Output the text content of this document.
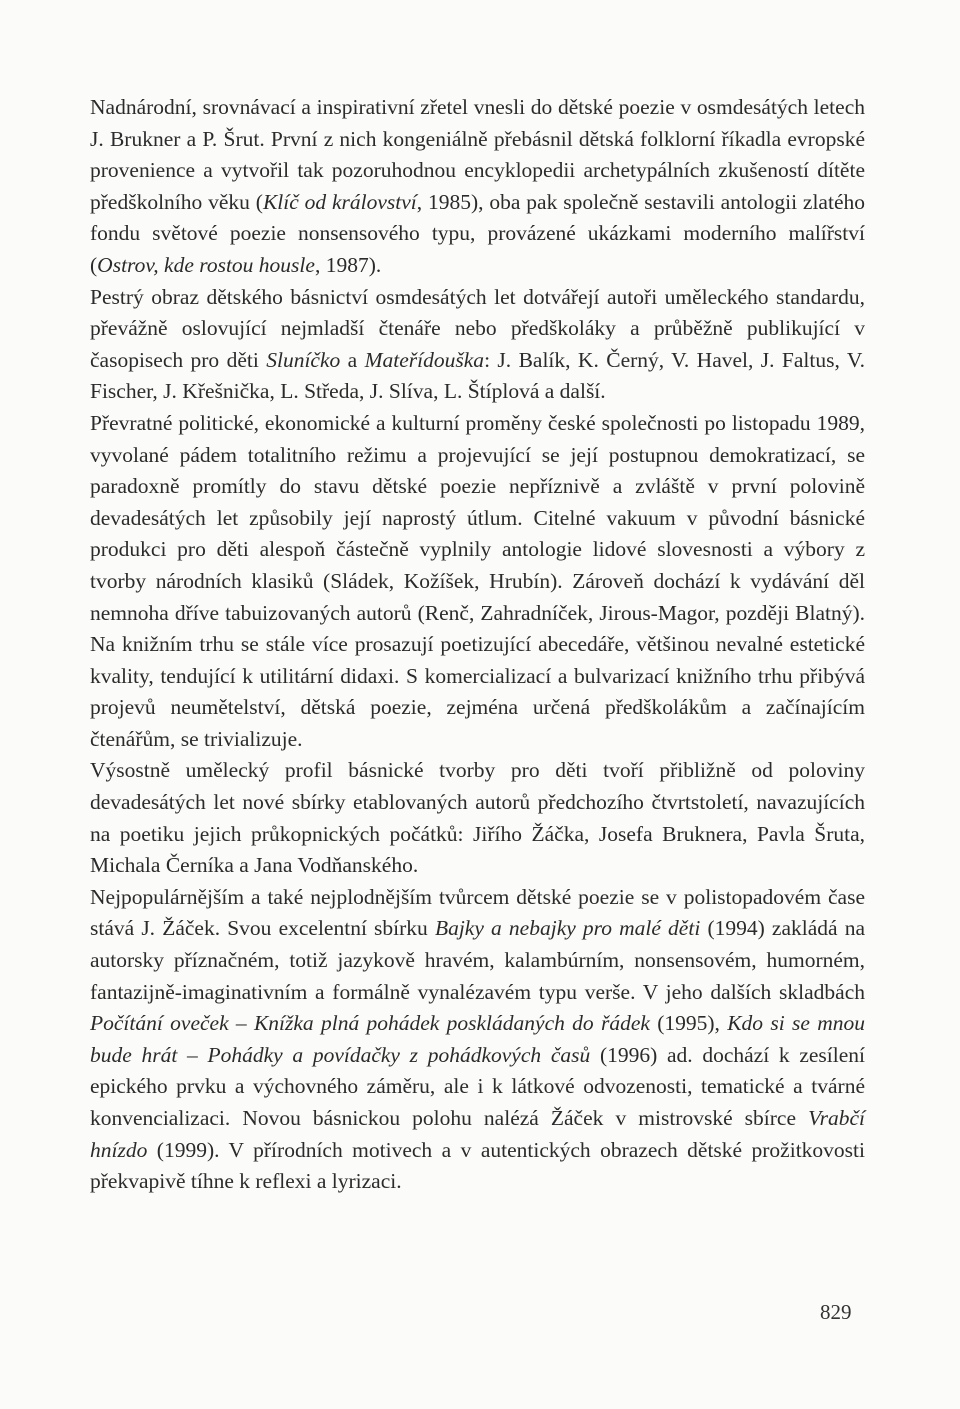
Nadnárodní, srovnávací a inspirativní zřetel vnesli do dětské poezie v osmdesátých letech J. Brukner a P. Šrut. První z nich kongeniálně přebásnil dětská folklorní říkadla evropské provenience a vytvořil tak pozoruhodnou encyklopedii archetypálních zkušeností dítěte předškolního věku (Klíč od království, 1985), oba pak společně sestavili antologii zlatého fondu světové poezie nonsensového typu, provázené ukázkami moderního malířství (Ostrov, kde rostou housle, 1987).

Pestrý obraz dětského básnictví osmdesátých let dotvářejí autoři uměleckého standardu, převážně oslovující nejmladší čtenáře nebo předškoláky a průběžně publikující v časopisech pro děti Sluníčko a Mateřídouška: J. Balík, K. Černý, V. Havel, J. Faltus, V. Fischer, J. Křešnička, L. Středa, J. Slíva, L. Štíplová a další.

Převratné politické, ekonomické a kulturní proměny české společnosti po listopadu 1989, vyvolané pádem totalitního režimu a projevující se její postupnou demokratizací, se paradoxně promítly do stavu dětské poezie nepříznivě a zvláště v první polovině devadesátých let způsobily její naprostý útlum. Citelné vakuum v původní básnické produkci pro děti alespoň částečně vyplnily antologie lidové slovesnosti a výbory z tvorby národních klasiků (Sládek, Kožíšek, Hrubín). Zároveň dochází k vydávání děl nemnoha dříve tabuizovaných autorů (Renč, Zahradníček, Jirous-Magor, později Blatný). Na knižním trhu se stále více prosazují poetizující abecedáře, většinou nevalné estetické kvality, tendující k utilitární didaxi. S komercializací a bulvarizací knižního trhu přibývá projevů neumětelství, dětská poezie, zejména určená předškolákům a začínajícím čtenářům, se trivializuje.

Výsostně umělecký profil básnické tvorby pro děti tvoří přibližně od poloviny devadesátých let nové sbírky etablovaných autorů předchozího čtvrtstoletí, navazujících na poetiku jejich průkopnických počátků: Jiřího Žáčka, Josefa Bruknera, Pavla Šruta, Michala Černíka a Jana Vodňanského.

Nejpopulárnějším a také nejplodnějším tvůrcem dětské poezie se v polistopadovém čase stává J. Žáček. Svou excelentní sbírku Bajky a nebajky pro malé děti (1994) zakládá na autorsky příznačném, totiž jazykově hravém, kalambúrním, nonsensovém, humorném, fantazijně-imaginativním a formálně vynalézavém typu verše. V jeho dalších skladbách Počítání oveček – Knížka plná pohádek poskládaných do řádek (1995), Kdo si se mnou bude hrát – Pohádky a povídačky z pohádkových časů (1996) ad. dochází k zesílení epického prvku a výchovného záměru, ale i k látkové odvozenosti, tematické a tvárné konvencializaci. Novou básnickou polohu nalézá Žáček v mistrovské sbírce Vrabčí hnízdo (1999). V přírodních motivech a v autentických obrazech dětské prožitkovosti překvapivě tíhne k reflexi a lyrizaci.

829
